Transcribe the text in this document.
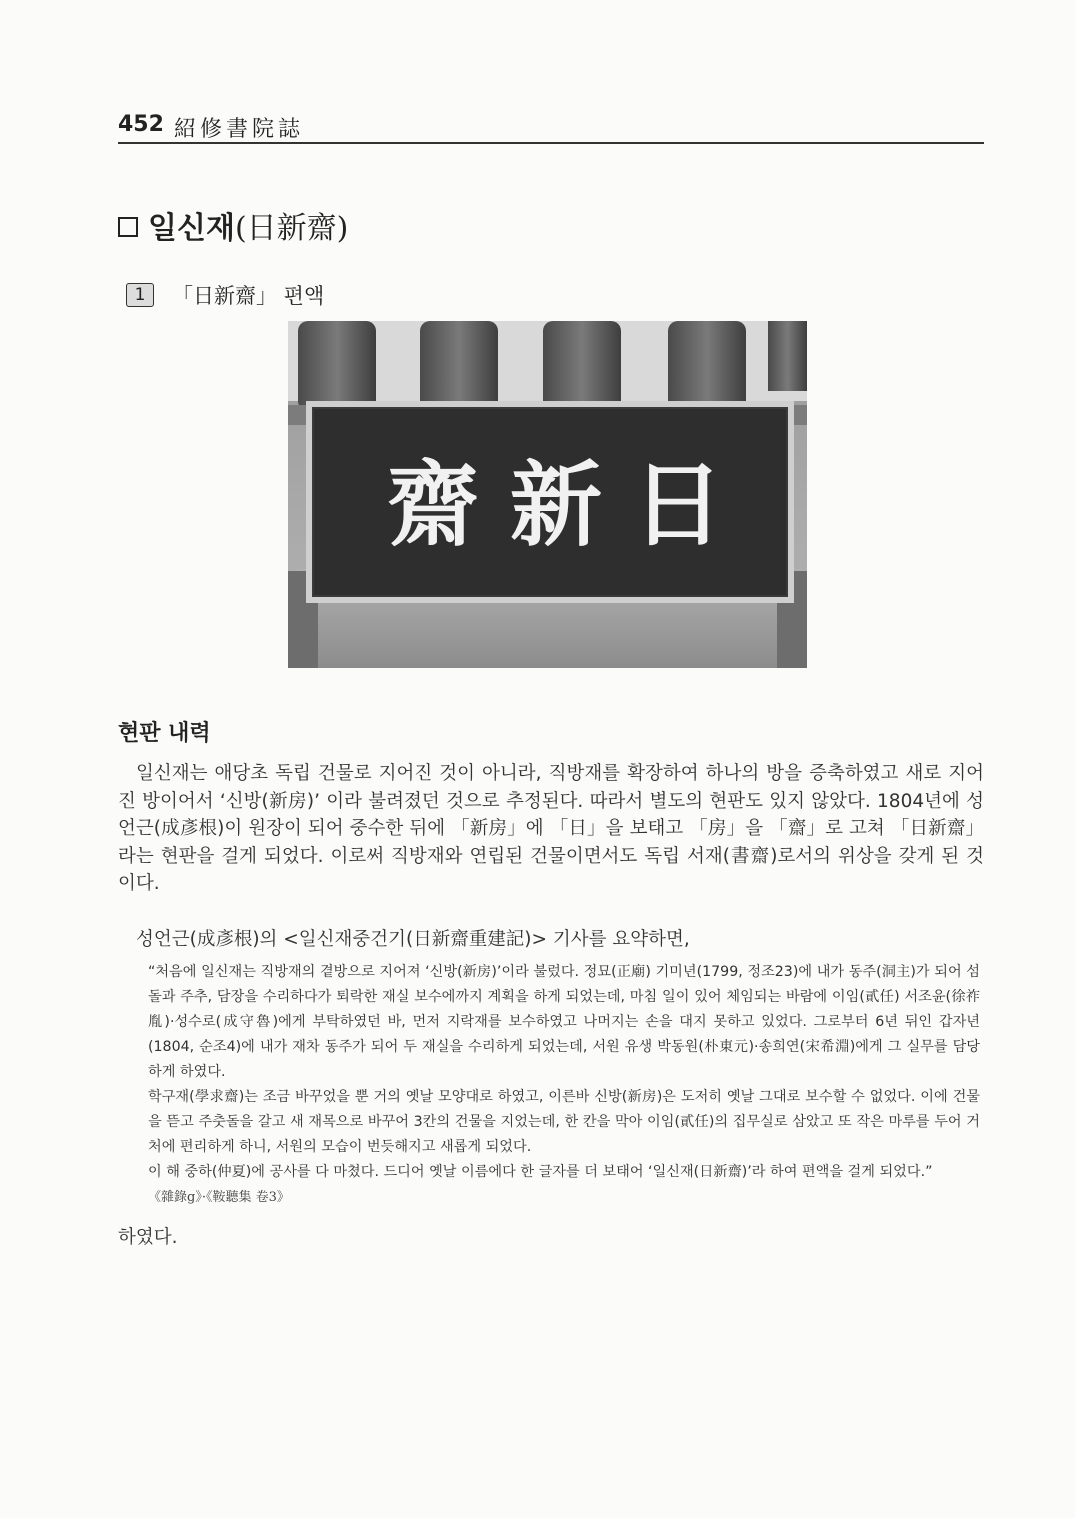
452 紹修書院誌
일신재(日新齋)
1 「日新齋」 편액
齋 新 日
현판 내력
일신재는 애당초 독립 건물로 지어진 것이 아니라, 직방재를 확장하여 하나의 방을 증축하였고 새로 지어진 방이어서 ‘신방(新房)’ 이라 불려졌던 것으로 추정된다. 따라서 별도의 현판도 있지 않았다. 1804년에 성언근(成彥根)이 원장이 되어 중수한 뒤에 「新房」에 「日」을 보태고 「房」을 「齋」로 고쳐 「日新齋」라는 현판을 걸게 되었다. 이로써 직방재와 연립된 건물이면서도 독립 서재(書齋)로서의 위상을 갖게 된 것이다.
성언근(成彥根)의 <일신재중건기(日新齋重建記)> 기사를 요약하면,

“처음에 일신재는 직방재의 곁방으로 지어져 ‘신방(新房)’이라 불렀다. 정묘(正廟) 기미년(1799, 정조23)에 내가 동주(洞主)가 되어 섬돌과 주추, 담장을 수리하다가 퇴락한 재실 보수에까지 계획을 하게 되었는데, 마침 일이 있어 체임되는 바람에 이임(貳任) 서조윤(徐祚胤)·성수로(成守魯)에게 부탁하였던 바, 먼저 지락재를 보수하였고 나머지는 손을 대지 못하고 있었다. 그로부터 6년 뒤인 갑자년(1804, 순조4)에 내가 재차 동주가 되어 두 재실을 수리하게 되었는데, 서원 유생 박동원(朴東元)·송희연(宋希淵)에게 그 실무를 담당하게 하였다.

학구재(學求齋)는 조금 바꾸었을 뿐 거의 옛날 모양대로 하였고, 이른바 신방(新房)은 도저히 옛날 그대로 보수할 수 없었다. 이에 건물을 뜯고 주춧돌을 갈고 새 재목으로 바꾸어 3칸의 건물을 지었는데, 한 칸을 막아 이임(貳任)의 집무실로 삼았고 또 작은 마루를 두어 거처에 편리하게 하니, 서원의 모습이 번듯해지고 새롭게 되었다.

이 해 중하(仲夏)에 공사를 다 마쳤다. 드디어 옛날 이름에다 한 글자를 더 보태어 ‘일신재(日新齋)’라 하여 편액을 걸게 되었다.”

《雜錄g》·《鞍聽集 卷3》

하였다.
